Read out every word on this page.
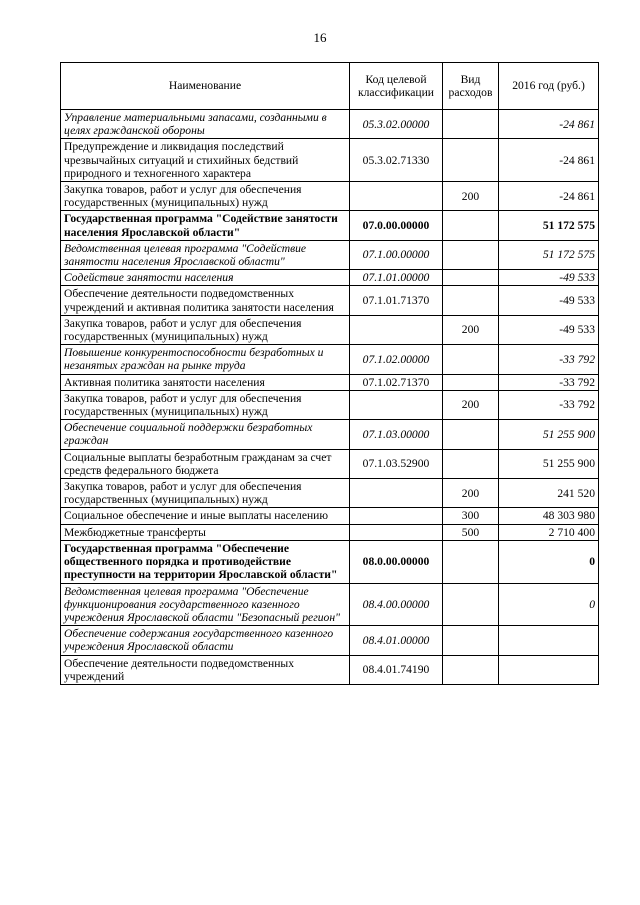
16
Наименование	Код целевой классификации	Вид расходов	2016 год (руб.)
Управление материальными запасами, созданными в целях гражданской обороны	05.3.02.00000		-24 861
Предупреждение и ликвидация последствий чрезвычайных ситуаций и стихийных бедствий природного и техногенного характера	05.3.02.71330		-24 861
Закупка товаров, работ и услуг для обеспечения государственных (муниципальных) нужд		200	-24 861
Государственная программа "Содействие занятости населения Ярославской области"	07.0.00.00000		51 172 575
Ведомственная целевая программа "Содействие занятости населения Ярославской области"	07.1.00.00000		51 172 575
Содействие занятости населения	07.1.01.00000		-49 533
Обеспечение деятельности подведомственных учреждений и активная политика занятости населения	07.1.01.71370		-49 533
Закупка товаров, работ и услуг для обеспечения государственных (муниципальных) нужд		200	-49 533
Повышение конкурентоспособности безработных и незанятых граждан на рынке труда	07.1.02.00000		-33 792
Активная политика занятости населения	07.1.02.71370		-33 792
Закупка товаров, работ и услуг для обеспечения государственных (муниципальных) нужд		200	-33 792
Обеспечение социальной поддержки безработных граждан	07.1.03.00000		51 255 900
Социальные выплаты безработным гражданам за счет средств федерального бюджета	07.1.03.52900		51 255 900
Закупка товаров, работ и услуг для обеспечения государственных (муниципальных) нужд		200	241 520
Социальное обеспечение и иные выплаты населению		300	48 303 980
Межбюджетные трансферты		500	2 710 400
Государственная программа "Обеспечение общественного порядка и противодействие преступности на территории Ярославской области"	08.0.00.00000		0
Ведомственная целевая программа "Обеспечение функционирования государственного казенного учреждения Ярославской области "Безопасный регион"	08.4.00.00000		0
Обеспечение содержания государственного казенного учреждения Ярославской области	08.4.01.00000		
Обеспечение деятельности подведомственных учреждений	08.4.01.74190		
